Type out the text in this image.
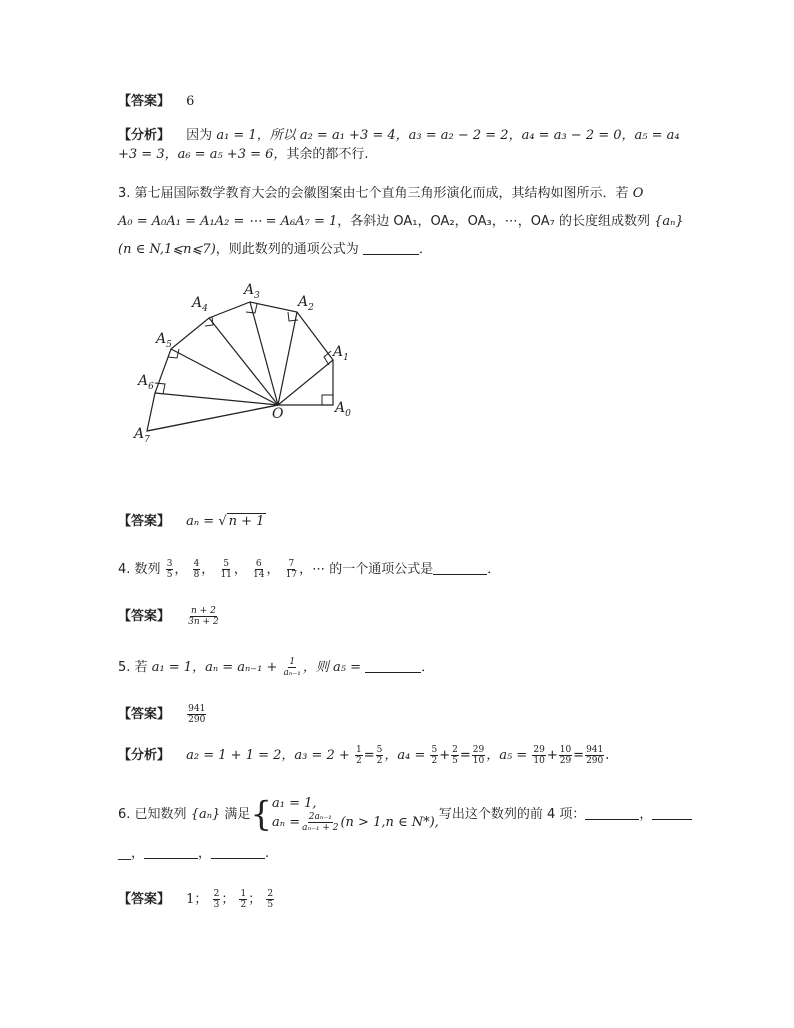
【答案】 6
【分析】 因为 a₁ = 1，所以 a₂ = a₁ +3 = 4，a₃ = a₂ − 2 = 2，a₄ = a₃ − 2 = 0，a₅ = a₄
+3 = 3，a₆ = a₅ +3 = 6，其余的都不行.
3. 第七届国际数学教育大会的会徽图案由七个直角三角形演化而成，其结构如图所示．若 O
A₀ = A₀A₁ = A₁A₂ = ⋯ = A₆A₇ = 1，各斜边 OA₁，OA₂，OA₃，⋯，OA₇ 的长度组成数列 {aₙ}
(n ∈ N,1⩽n⩽7)，则此数列的通项公式为	．
O	$A_0$
$A_1$
$A_2$
$A_3$
$A_4$
$A_5$
$A_6$
$A_7$
【答案】 aₙ = √ n + 1
4. 数列 $\frac{3}{5}$ ， $\frac{4}{8}$ ， $\frac{5}{11}$ ， $\frac{6}{14}$ ， $\frac{7}{17}$ ，⋯ 的一个通项公式是	．
【答案】 $\frac{n + 2}{3n + 2}$
5. 若 a₁ = 1，$a_n = a_{n-1} + \frac{1}{\text{aₙ₋₁}}$ ，则 a₅ =	．
【答案】 $\frac{941}{290}$
【分析】 a₂ = 1 + 1 = 2，$a_3 = 2 + \frac{1}{2} = \frac{5}{2}$ ，$a_4 = \frac{5}{2} + \frac{2}{5} = \frac{29}{10}$ ，$a_5 = \frac{29}{10} + \frac{10}{29} = \frac{941}{290}$ .
6. 已知数列 {aₙ} 满足{ a₁ = 1,
$a_n = \frac{\text{2aₙ₋₁}}{\text{aₙ₋₁ + 2}} (n > 1,n$ ∈ N*),
写出这个数列的前 4 项：	，
__，	，	.
【答案】 1； $\frac{2}{3}$ ； $\frac{1}{2}$ ； $\frac{2}{5}$
